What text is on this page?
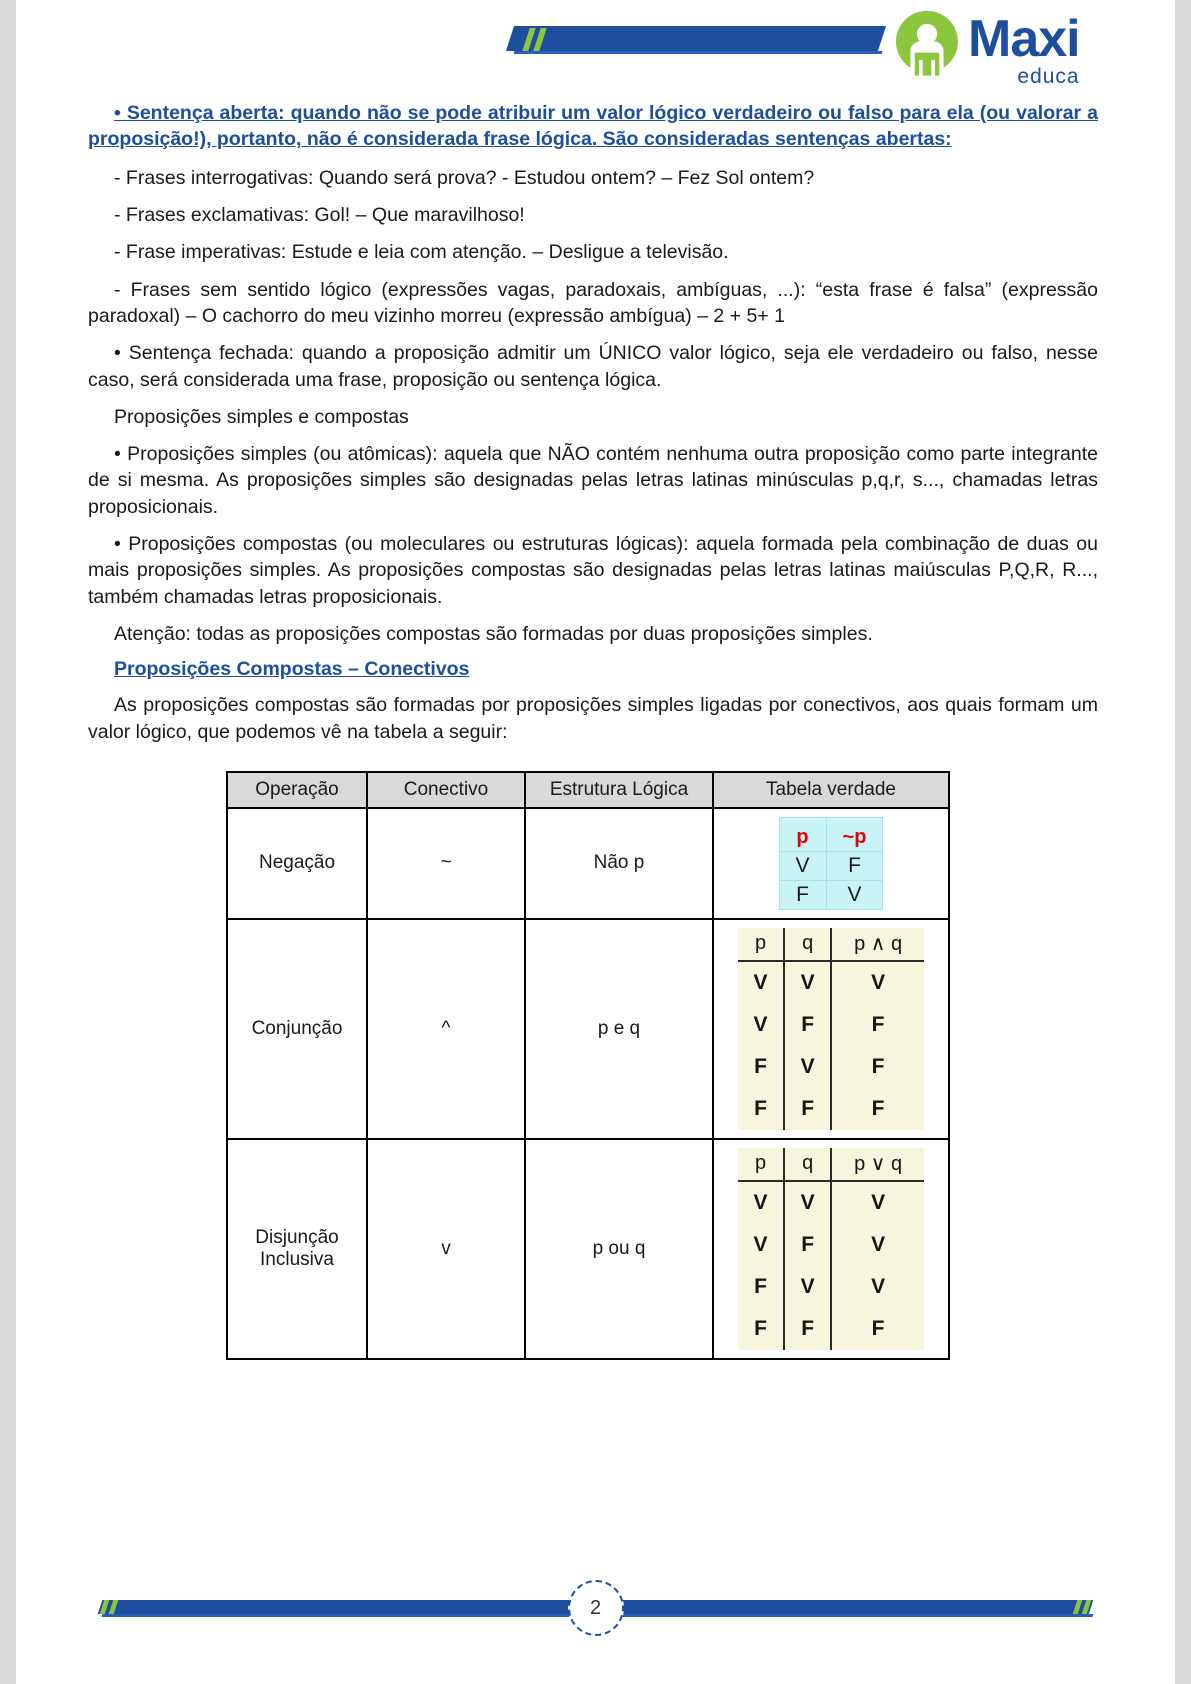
Maxi
educa

• Sentença aberta: quando não se pode atribuir um valor lógico verdadeiro ou falso para ela (ou valorar a proposição!), portanto, não é considerada frase lógica. São consideradas sentenças abertas:

- Frases interrogativas: Quando será prova? - Estudou ontem? – Fez Sol ontem?

- Frases exclamativas: Gol! – Que maravilhoso!

- Frase imperativas: Estude e leia com atenção. – Desligue a televisão.

- Frases sem sentido lógico (expressões vagas, paradoxais, ambíguas, ...): “esta frase é falsa” (expressão paradoxal) – O cachorro do meu vizinho morreu (expressão ambígua) – 2 + 5+ 1

• Sentença fechada: quando a proposição admitir um ÚNICO valor lógico, seja ele verdadeiro ou falso, nesse caso, será considerada uma frase, proposição ou sentença lógica.

Proposições simples e compostas

• Proposições simples (ou atômicas): aquela que NÃO contém nenhuma outra proposição como parte integrante de si mesma. As proposições simples são designadas pelas letras latinas minúsculas p,q,r, s..., chamadas letras proposicionais.

• Proposições compostas (ou moleculares ou estruturas lógicas): aquela formada pela combinação de duas ou mais proposições simples. As proposições compostas são designadas pelas letras latinas maiúsculas P,Q,R, R..., também chamadas letras proposicionais.

Atenção: todas as proposições compostas são formadas por duas proposições simples.

Proposições Compostas – Conectivos

As proposições compostas são formadas por proposições simples ligadas por conectivos, aos quais formam um valor lógico, que podemos vê na tabela a seguir:

Operação	Conectivo	Estrutura Lógica	Tabela verdade
Negação	~	Não p	
p	~p
V	F
F	V

Conjunção	^	p e q	
p	q	p ∧ q
V	V	V
V	F	F
F	V	F
F	F	F

Disjunção
Inclusiva	v	p ou q	
p	q	p ∨ q
V	V	V
V	F	V
F	V	V
F	F	F
2
